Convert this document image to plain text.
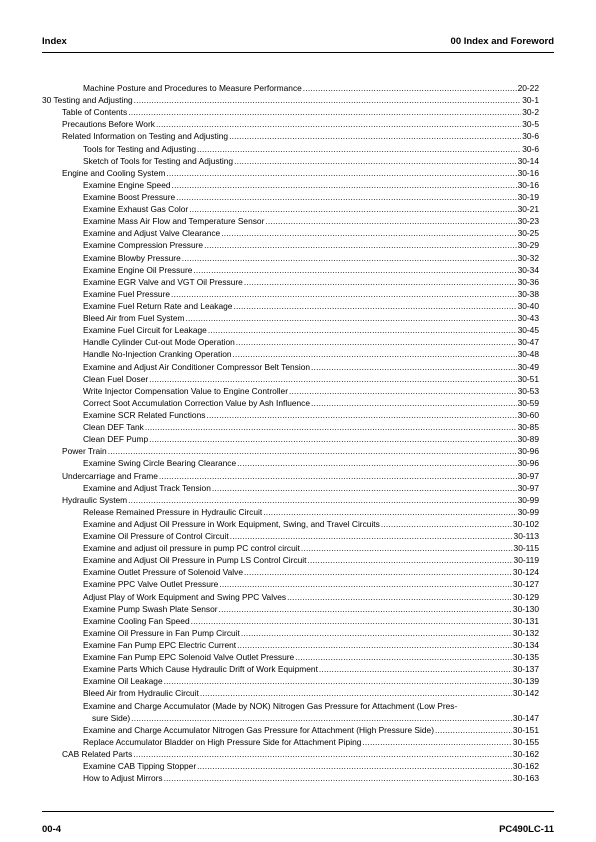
Index	00 Index and Foreword
Machine Posture and Procedures to Measure Performance .....	20-22
30 Testing and Adjusting .....	30-1
Table of Contents .....	30-2
Precautions Before Work .....	30-5
Related Information on Testing and Adjusting .....	30-6
Tools for Testing and Adjusting .....	30-6
Sketch of Tools for Testing and Adjusting .....	30-14
Engine and Cooling System .....	30-16
Examine Engine Speed .....	30-16
Examine Boost Pressure .....	30-19
Examine Exhaust Gas Color .....	30-21
Examine Mass Air Flow and Temperature Sensor .....	30-23
Examine and Adjust Valve Clearance .....	30-25
Examine Compression Pressure .....	30-29
Examine Blowby Pressure .....	30-32
Examine Engine Oil Pressure .....	30-34
Examine EGR Valve and VGT Oil Pressure .....	30-36
Examine Fuel Pressure .....	30-38
Examine Fuel Return Rate and Leakage .....	30-40
Bleed Air from Fuel System .....	30-43
Examine Fuel Circuit for Leakage .....	30-45
Handle Cylinder Cut-out Mode Operation .....	30-47
Handle No-Injection Cranking Operation .....	30-48
Examine and Adjust Air Conditioner Compressor Belt Tension .....	30-49
Clean Fuel Doser .....	30-51
Write Injector Compensation Value to Engine Controller .....	30-53
Correct Soot Accumulation Correction Value by Ash Influence .....	30-59
Examine SCR Related Functions .....	30-60
Clean DEF Tank .....	30-85
Clean DEF Pump .....	30-89
Power Train .....	30-96
Examine Swing Circle Bearing Clearance .....	30-96
Undercarriage and Frame .....	30-97
Examine and Adjust Track Tension .....	30-97
Hydraulic System .....	30-99
Release Remained Pressure in Hydraulic Circuit .....	30-99
Examine and Adjust Oil Pressure in Work Equipment, Swing, and Travel Circuits .....	30-102
Examine Oil Pressure of Control Circuit .....	30-113
Examine and adjust oil pressure in pump PC control circuit .....	30-115
Examine and Adjust Oil Pressure in Pump LS Control Circuit .....	30-119
Examine Outlet Pressure of Solenoid Valve .....	30-124
Examine PPC Valve Outlet Pressure .....	30-127
Adjust Play of Work Equipment and Swing PPC Valves .....	30-129
Examine Pump Swash Plate Sensor .....	30-130
Examine Cooling Fan Speed .....	30-131
Examine Oil Pressure in Fan Pump Circuit .....	30-132
Examine Fan Pump EPC Electric Current .....	30-134
Examine Fan Pump EPC Solenoid Valve Outlet Pressure .....	30-135
Examine Parts Which Cause Hydraulic Drift of Work Equipment .....	30-137
Examine Oil Leakage .....	30-139
Bleed Air from Hydraulic Circuit .....	30-142
Examine and Charge Accumulator (Made by NOK) Nitrogen Gas Pressure for Attachment (Low Pres-
sure Side) .....	30-147
Examine and Charge Accumulator Nitrogen Gas Pressure for Attachment (High Pressure Side) .....	30-151
Replace Accumulator Bladder on High Pressure Side for Attachment Piping .....	30-155
CAB Related Parts .....	30-162
Examine CAB Tipping Stopper .....	30-162
How to Adjust Mirrors .....	30-163
00-4	PC490LC-11
